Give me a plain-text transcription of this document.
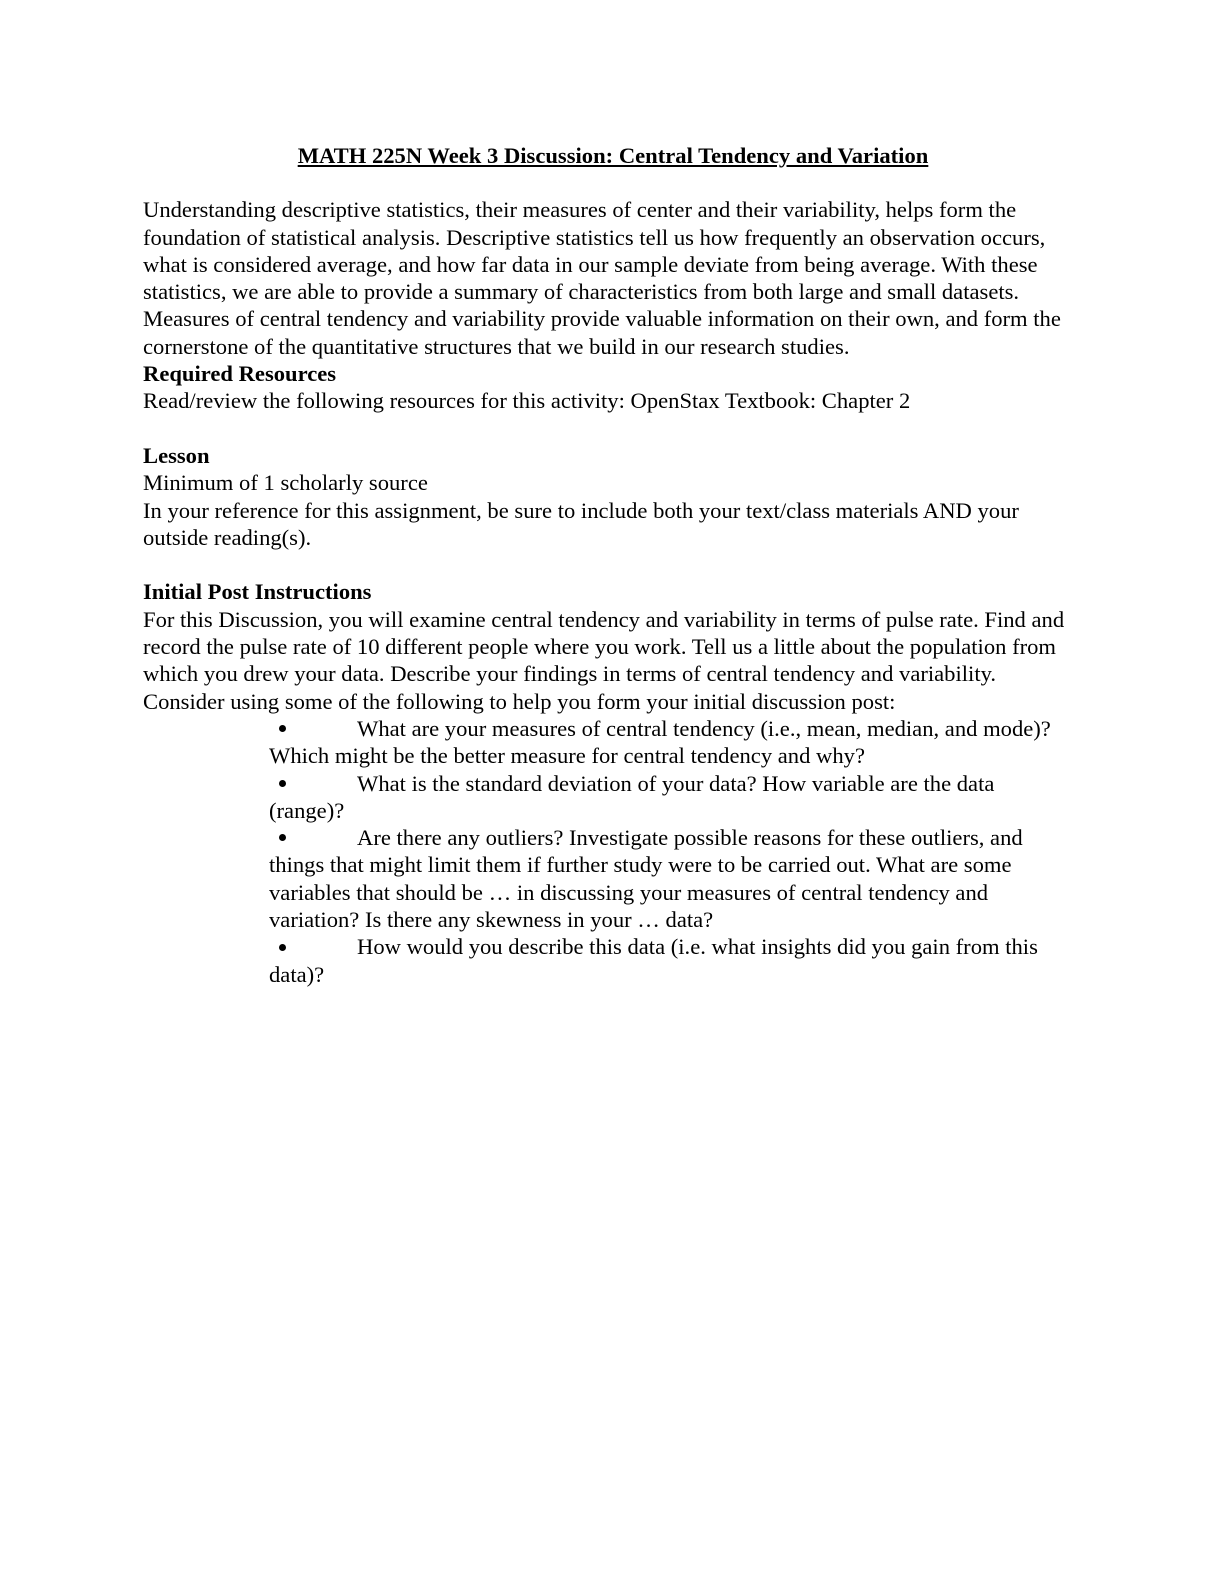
MATH 225N Week 3 Discussion: Central Tendency and Variation

Understanding descriptive statistics, their measures of center and their variability, helps form the foundation of statistical analysis. Descriptive statistics tell us how frequently an observation occurs, what is considered average, and how far data in our sample deviate from being average. With these statistics, we are able to provide a summary of characteristics from both large and small datasets. Measures of central tendency and variability provide valuable information on their own, and form the cornerstone of the quantitative structures that we build in our research studies.

Required Resources

Read/review the following resources for this activity: OpenStax Textbook: Chapter 2

Lesson

Minimum of 1 scholarly source

In your reference for this assignment, be sure to include both your text/class materials AND your outside reading(s).

Initial Post Instructions

For this Discussion, you will examine central tendency and variability in terms of pulse rate. Find and record the pulse rate of 10 different people where you work. Tell us a little about the population from which you drew your data. Describe your findings in terms of central tendency and variability. Consider using some of the following to help you form your initial discussion post:

What are your measures of central tendency (i.e., mean, median, and mode)? Which might be the better measure for central tendency and why?
What is the standard deviation of your data? How variable are the data (range)?
Are there any outliers? Investigate possible reasons for these outliers, and things that might limit them if further study were to be carried out. What are some variables that should be … in discussing your measures of central tendency and variation? Is there any skewness in your … data?
How would you describe this data (i.e. what insights did you gain from this data)?
